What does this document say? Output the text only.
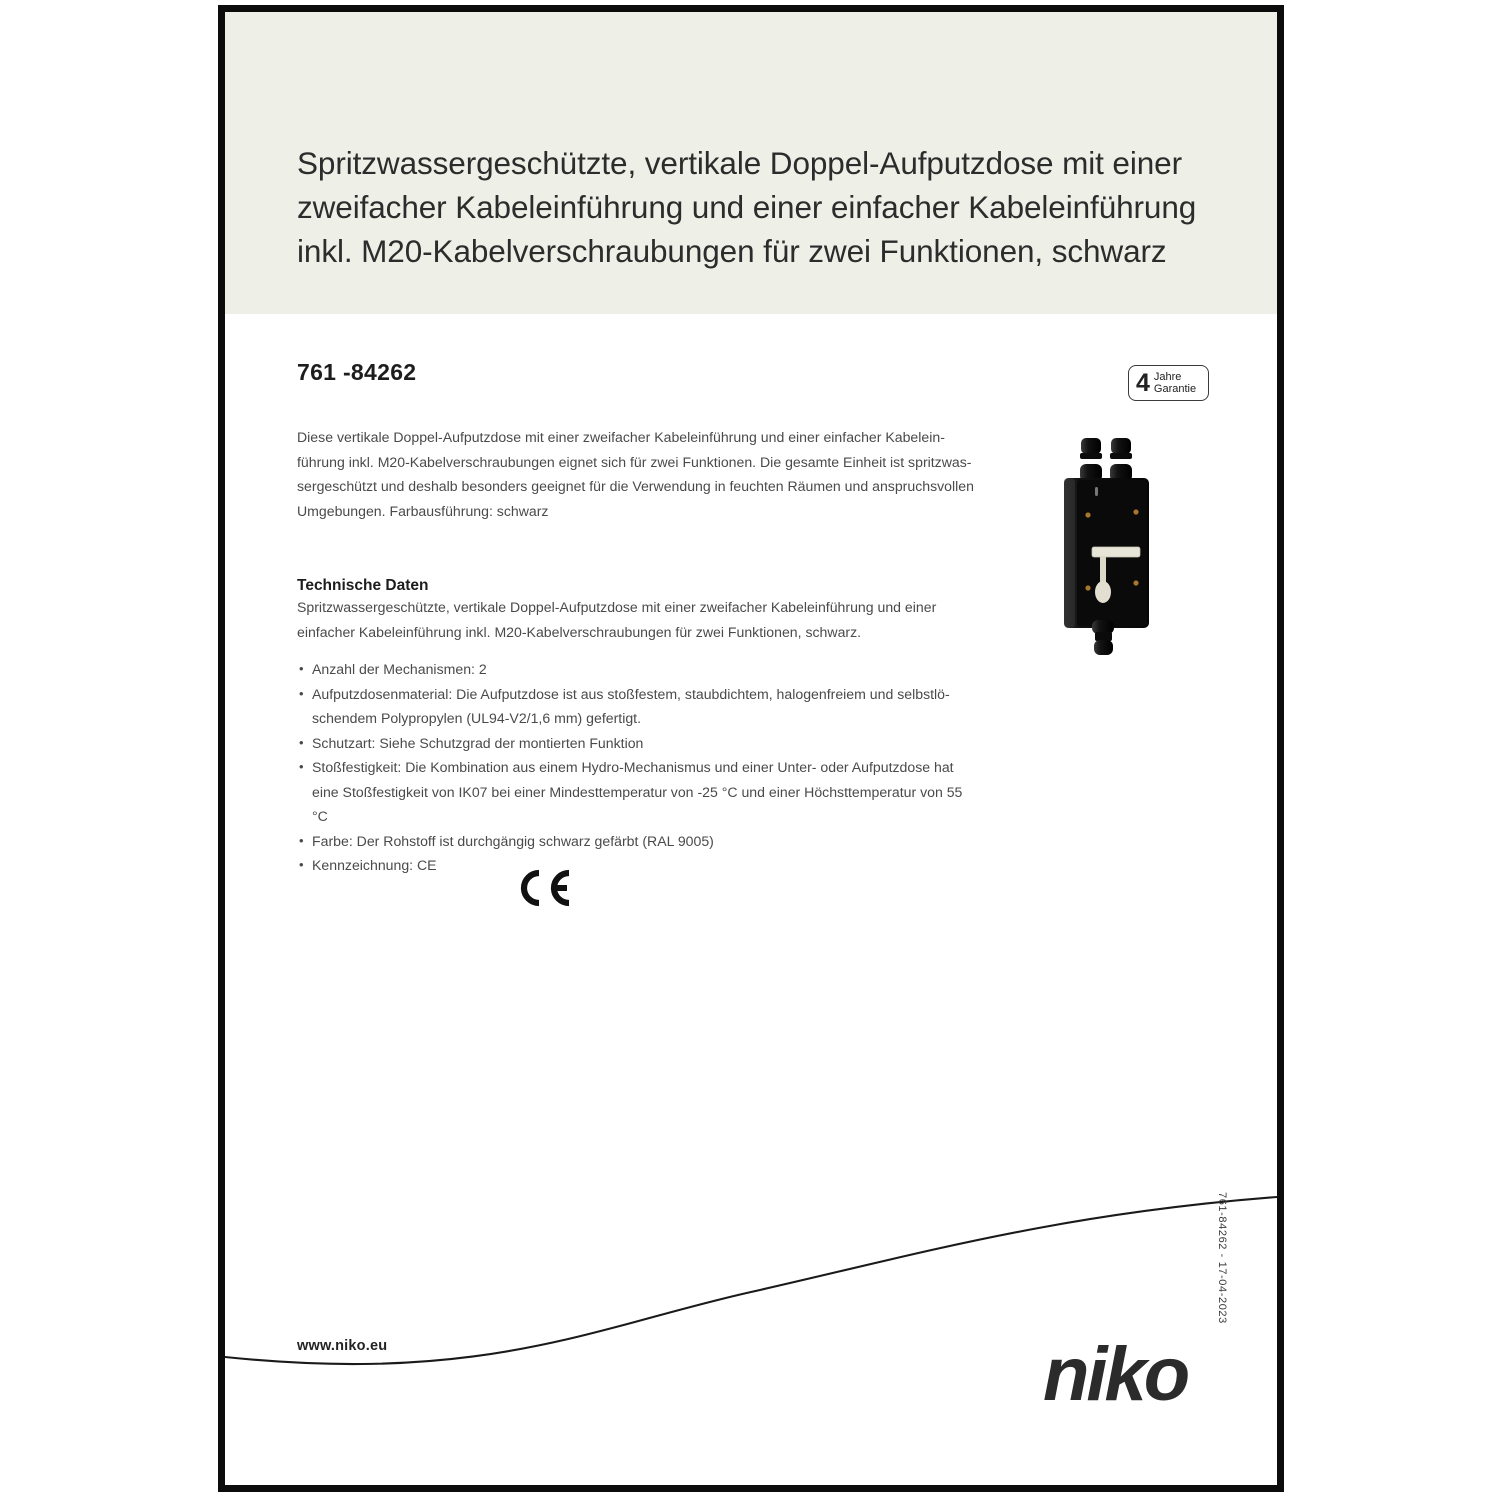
Spritzwassergeschützte, vertikale Doppel-Aufputzdose mit einer
zweifacher Kabeleinführung und einer einfacher Kabeleinführung
inkl. M20-Kabelverschraubungen für zwei Funktionen, schwarz
761 -84262	4 Jahre
Garantie
Diese vertikale Doppel-Aufputzdose mit einer zweifacher Kabeleinführung und einer einfacher Kabelein-
führung inkl. M20-Kabelverschraubungen eignet sich für zwei Funktionen. Die gesamte Einheit ist spritzwas-
sergeschützt und deshalb besonders geeignet für die Verwendung in feuchten Räumen und anspruchsvollen
Umgebungen. Farbausführung: schwarz
Technische Daten
Spritzwassergeschützte, vertikale Doppel-Aufputzdose mit einer zweifacher Kabeleinführung und einer
einfacher Kabeleinführung inkl. M20-Kabelverschraubungen für zwei Funktionen, schwarz.
• Anzahl der Mechanismen: 2
• Aufputzdosenmaterial: Die Aufputzdose ist aus stoßfestem, staubdichtem, halogenfreiem und selbstlö-
schendem Polypropylen (UL94-V2/1,6 mm) gefertigt.
• Schutzart: Siehe Schutzgrad der montierten Funktion
• Stoßfestigkeit: Die Kombination aus einem Hydro-Mechanismus und einer Unter- oder Aufputzdose hat
eine Stoßfestigkeit von IK07 bei einer Mindesttemperatur von -25 °C und einer Höchsttemperatur von 55
°C
• Farbe: Der Rohstoff ist durchgängig schwarz gefärbt (RAL 9005)
• Kennzeichnung: CE
www.niko.eu	niko
761-84262 - 17-04-2023
